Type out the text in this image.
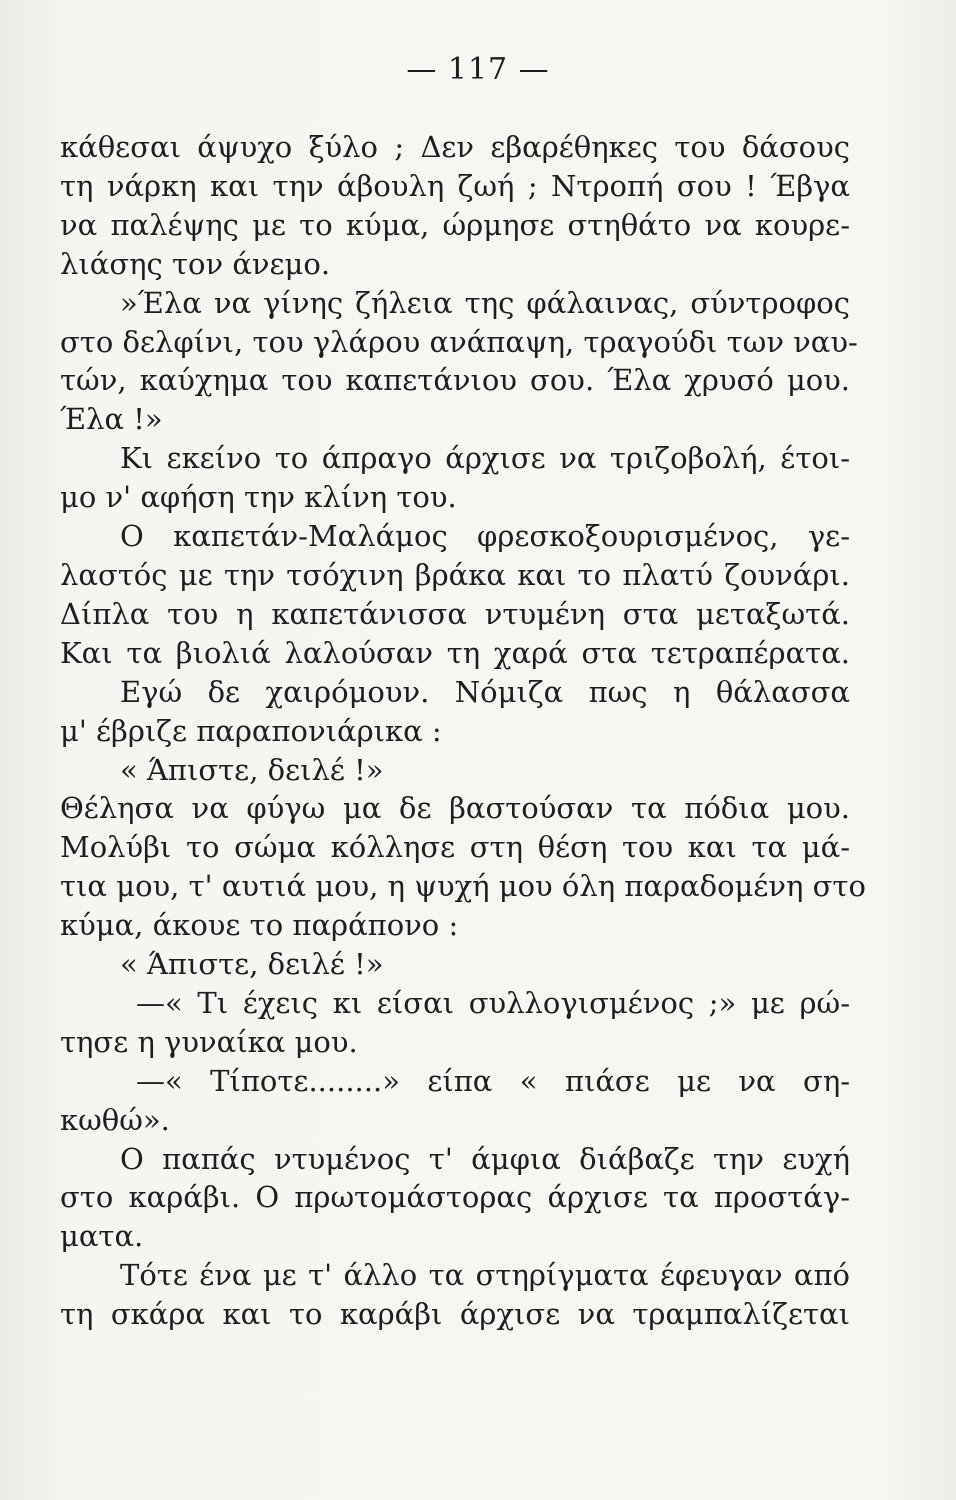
— 117 —
κάθεσαι άψυχο ξύλο ; Δεν εβαρέθηκες του δάσους
τη νάρκη και την άβουλη ζωή ; Ντροπή σου ! Έβγα
να παλέψης με το κύμα, ώρμησε στηθάτο να κουρε-
λιάσης τον άνεμο.
»Έλα να γίνης ζήλεια της φάλαινας, σύντροφος
στο δελφίνι, του γλάρου ανάπαψη, τραγούδι των ναυ-
τών, καύχημα του καπετάνιου σου. Έλα χρυσό μου.
Έλα !»
Κι εκείνο το άπραγο άρχισε να τριζοβολή, έτοι-
μο ν' αφήση την κλίνη του.
Ο καπετάν-Μαλάμος φρεσκοξουρισμένος, γε-
λαστός με την τσόχινη βράκα και το πλατύ ζουνάρι.
Δίπλα του η καπετάνισσα ντυμένη στα μεταξωτά.
Και τα βιολιά λαλούσαν τη χαρά στα τετραπέρατα.
Εγώ δε χαιρόμουν. Νόμιζα πως η θάλασσα
μ' έβριζε παραπονιάρικα :
« Άπιστε, δειλέ !»
Θέλησα να φύγω μα δε βαστούσαν τα πόδια μου.
Μολύβι το σώμα κόλλησε στη θέση του και τα μά-
τια μου, τ' αυτιά μου, η ψυχή μου όλη παραδομένη στο
κύμα, άκουε το παράπονο :
« Άπιστε, δειλέ !»
—« Τι έχεις κι είσαι συλλογισμένος ;» με ρώ-
τησε η γυναίκα μου.
—« Τίποτε........» είπα « πιάσε με να ση-
κωθώ».
Ο παπάς ντυμένος τ' άμφια διάβαζε την ευχή
στο καράβι. Ο πρωτομάστορας άρχισε τα προστάγ-
ματα.
Τότε ένα με τ' άλλο τα στηρίγματα έφευγαν από
τη σκάρα και το καράβι άρχισε να τραμπαλίζεται
